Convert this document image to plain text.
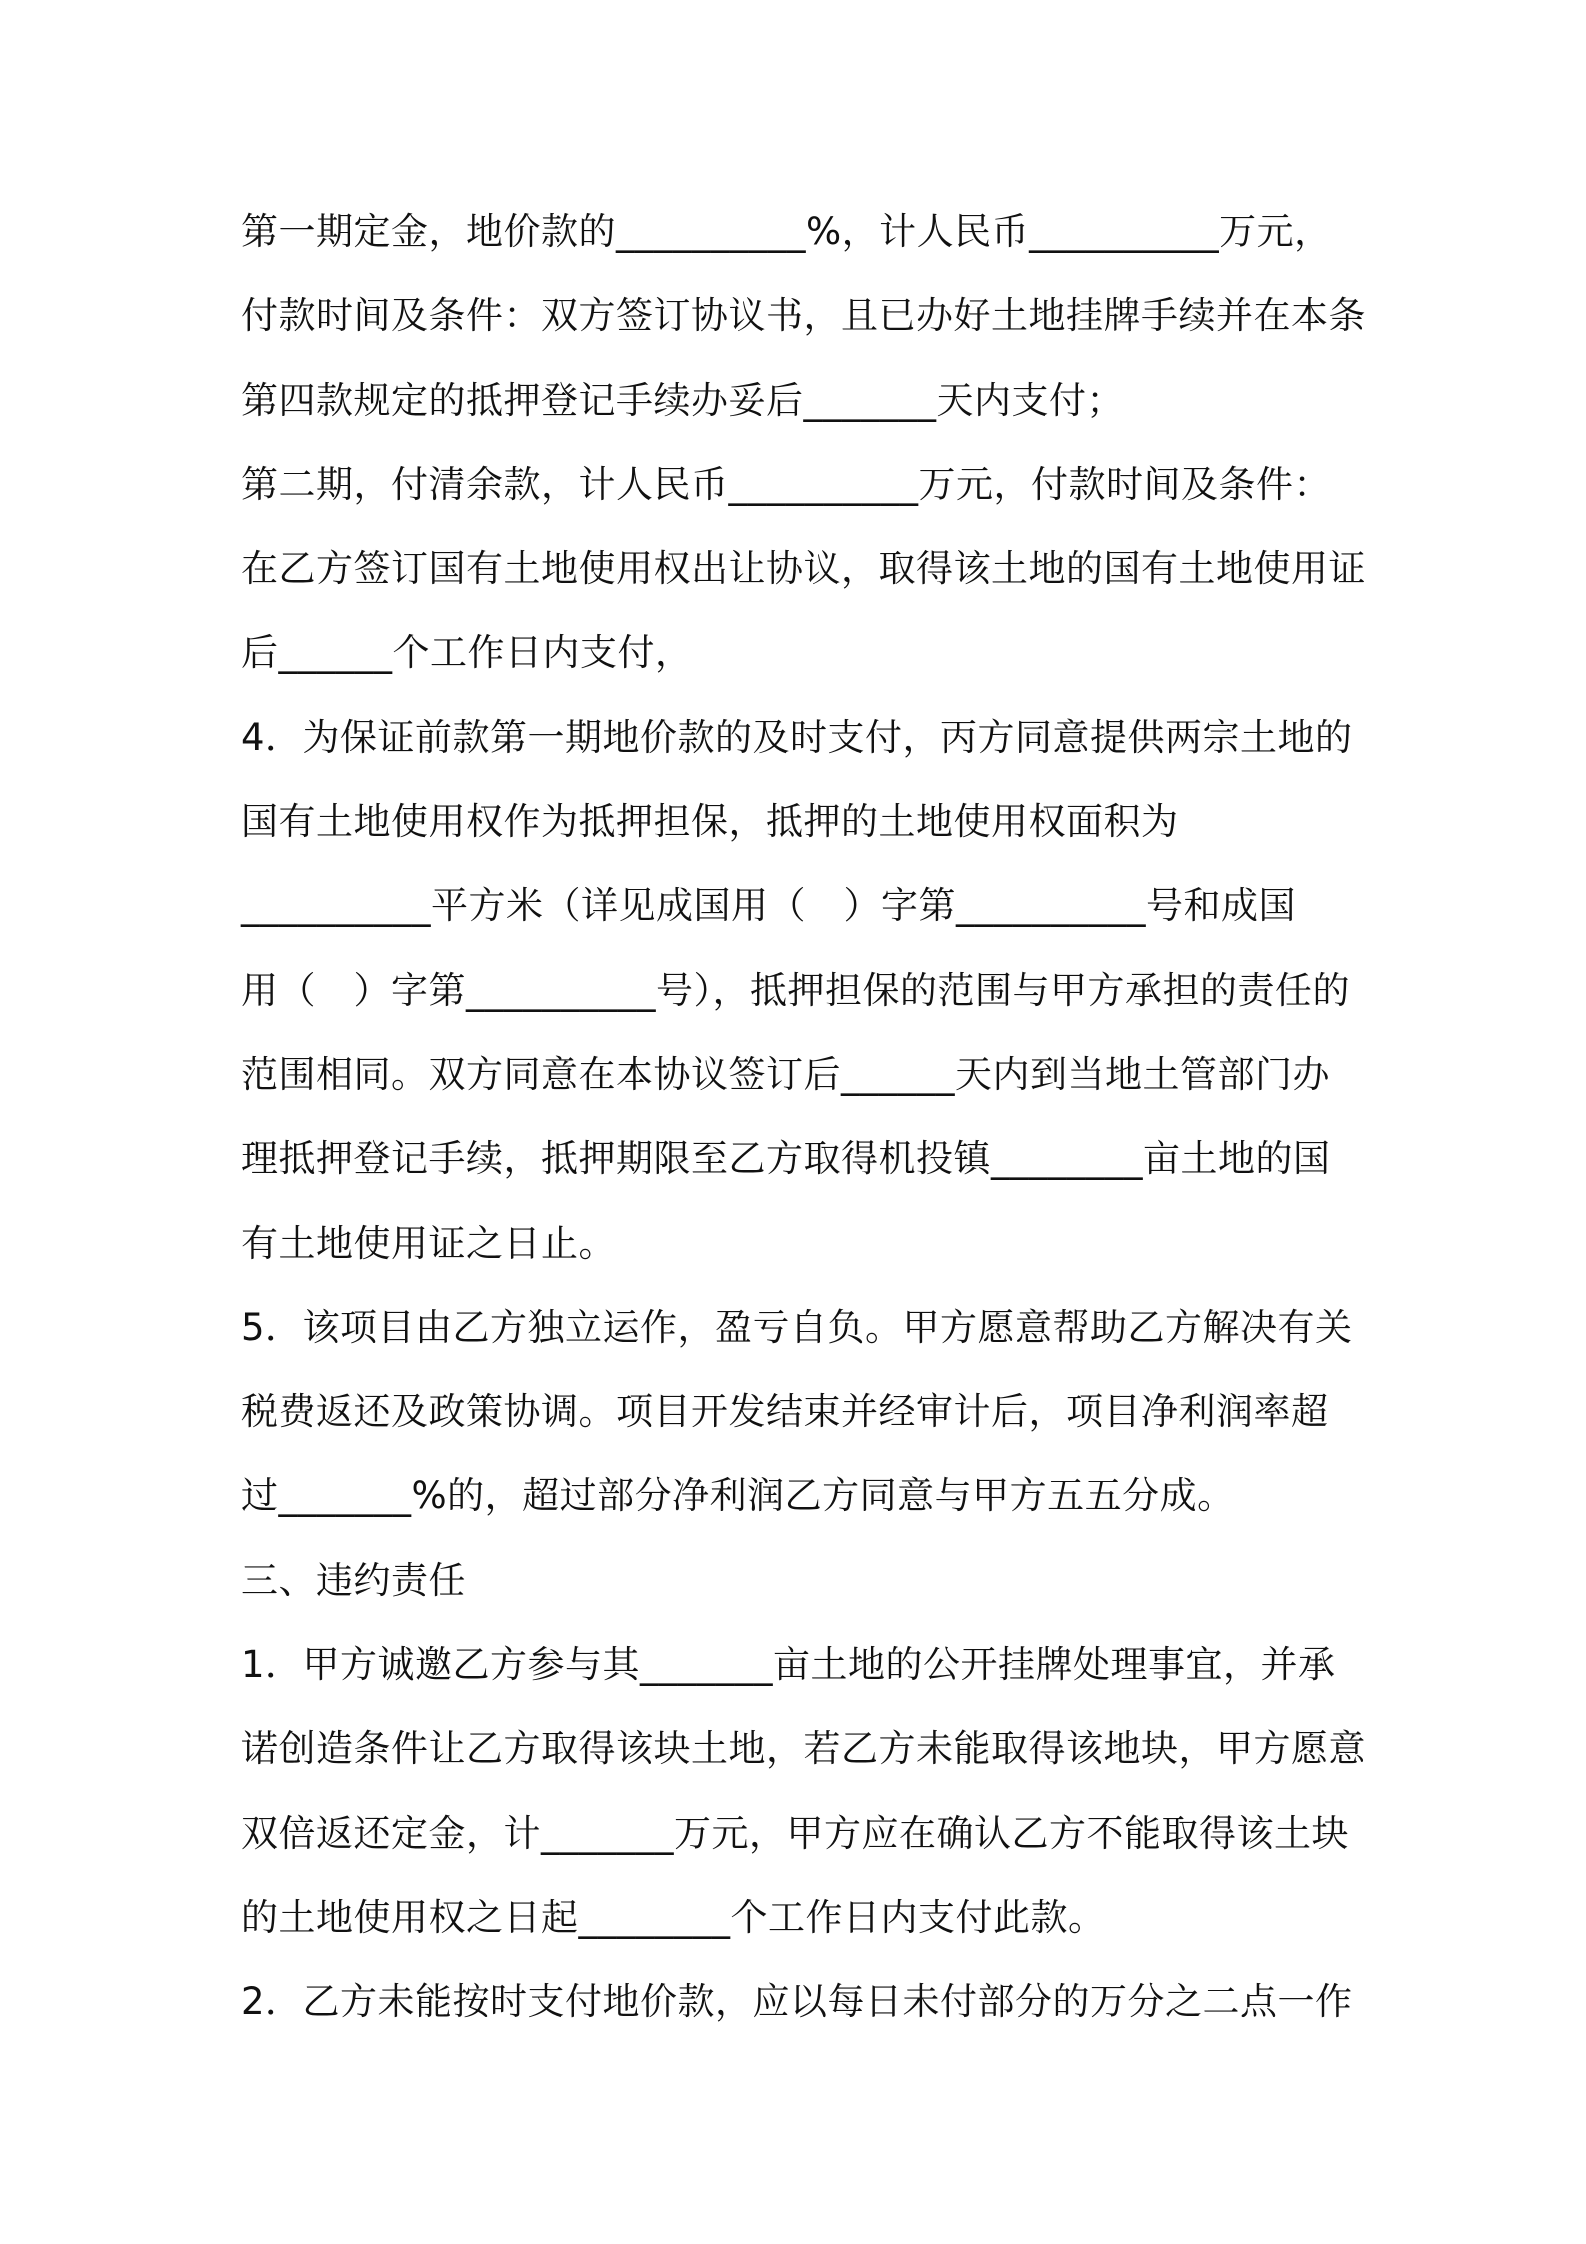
第一期定金，地价款的__________%，计人民币__________万元，
付款时间及条件：双方签订协议书，且已办好土地挂牌手续并在本条
第四款规定的抵押登记手续办妥后_______天内支付；
第二期，付清余款，计人民币__________万元，付款时间及条件：
在乙方签订国有土地使用权出让协议，取得该土地的国有土地使用证
后______个工作日内支付，
4．为保证前款第一期地价款的及时支付，丙方同意提供两宗土地的
国有土地使用权作为抵押担保，抵押的土地使用权面积为
__________平方米（详见成国用（　）字第__________号和成国
用（　）字第__________号），抵押担保的范围与甲方承担的责任的
范围相同。双方同意在本协议签订后______天内到当地土管部门办
理抵押登记手续，抵押期限至乙方取得机投镇________亩土地的国
有土地使用证之日止。
5．该项目由乙方独立运作，盈亏自负。甲方愿意帮助乙方解决有关
税费返还及政策协调。项目开发结束并经审计后，项目净利润率超
过_______%的，超过部分净利润乙方同意与甲方五五分成。
三、违约责任
1．甲方诚邀乙方参与其_______亩土地的公开挂牌处理事宜，并承
诺创造条件让乙方取得该块土地，若乙方未能取得该地块，甲方愿意
双倍返还定金，计_______万元，甲方应在确认乙方不能取得该土块
的土地使用权之日起________个工作日内支付此款。
2．乙方未能按时支付地价款，应以每日未付部分的万分之二点一作
